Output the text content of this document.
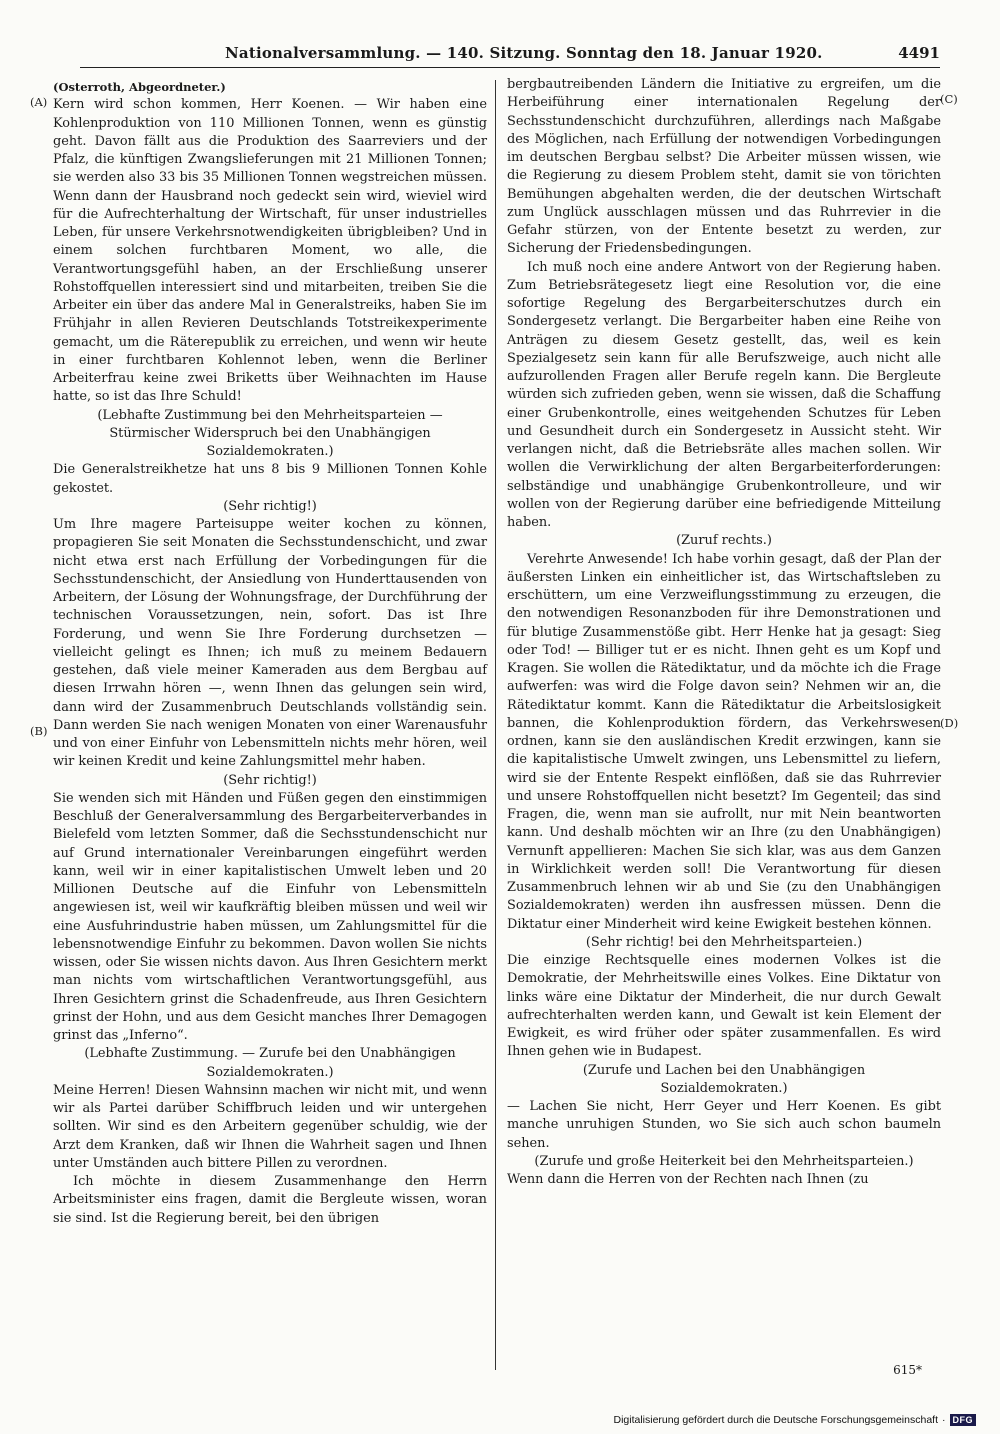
Nationalversammlung. — 140. Sitzung. Sonntag den 18. Januar 1920.	4491
(A)
(B)
(C)
(D)

(Osterroth, Abgeordneter.)

Kern wird schon kommen, Herr Koenen. — Wir haben eine Kohlenproduktion von 110 Millionen Tonnen, wenn es günstig geht. Davon fällt aus die Produktion des Saarreviers und der Pfalz, die künftigen Zwangslieferungen mit 21 Millionen Tonnen; sie werden also 33 bis 35 Millionen Tonnen wegstreichen müssen. Wenn dann der Hausbrand noch gedeckt sein wird, wieviel wird für die Aufrechterhaltung der Wirtschaft, für unser industrielles Leben, für unsere Verkehrsnotwendigkeiten übrigbleiben? Und in einem solchen furchtbaren Moment, wo alle, die Verantwortungsgefühl haben, an der Erschließung unserer Rohstoffquellen interessiert sind und mitarbeiten, treiben Sie die Arbeiter ein über das andere Mal in Generalstreiks, haben Sie im Frühjahr in allen Revieren Deutschlands Totstreikexperimente gemacht, um die Räterepublik zu erreichen, und wenn wir heute in einer furchtbaren Kohlennot leben, wenn die Berliner Arbeiterfrau keine zwei Briketts über Weihnachten im Hause hatte, so ist das Ihre Schuld!

(Lebhafte Zustimmung bei den Mehrheitsparteien — Stürmischer Widerspruch bei den Unabhängigen Sozialdemokraten.)

Die Generalstreikhetze hat uns 8 bis 9 Millionen Tonnen Kohle gekostet.

(Sehr richtig!)

Um Ihre magere Parteisuppe weiter kochen zu können, propagieren Sie seit Monaten die Sechsstundenschicht, und zwar nicht etwa erst nach Erfüllung der Vorbedingungen für die Sechsstundenschicht, der Ansiedlung von Hunderttausenden von Arbeitern, der Lösung der Wohnungsfrage, der Durchführung der technischen Voraussetzungen, nein, sofort. Das ist Ihre Forderung, und wenn Sie Ihre Forderung durchsetzen — vielleicht gelingt es Ihnen; ich muß zu meinem Bedauern gestehen, daß viele meiner Kameraden aus dem Bergbau auf diesen Irrwahn hören —, wenn Ihnen das gelungen sein wird, dann wird der Zusammenbruch Deutschlands vollständig sein. Dann werden Sie nach wenigen Monaten von einer Warenausfuhr und von einer Einfuhr von Lebensmitteln nichts mehr hören, weil wir keinen Kredit und keine Zahlungsmittel mehr haben.

(Sehr richtig!)

Sie wenden sich mit Händen und Füßen gegen den einstimmigen Beschluß der Generalversammlung des Bergarbeiterverbandes in Bielefeld vom letzten Sommer, daß die Sechsstundenschicht nur auf Grund internationaler Vereinbarungen eingeführt werden kann, weil wir in einer kapitalistischen Umwelt leben und 20 Millionen Deutsche auf die Einfuhr von Lebensmitteln angewiesen ist, weil wir kaufkräftig bleiben müssen und weil wir eine Ausfuhrindustrie haben müssen, um Zahlungsmittel für die lebensnotwendige Einfuhr zu bekommen. Davon wollen Sie nichts wissen, oder Sie wissen nichts davon. Aus Ihren Gesichtern merkt man nichts vom wirtschaftlichen Verantwortungsgefühl, aus Ihren Gesichtern grinst die Schadenfreude, aus Ihren Gesichtern grinst der Hohn, und aus dem Gesicht manches Ihrer Demagogen grinst das „Inferno“.

(Lebhafte Zustimmung. — Zurufe bei den Unabhängigen Sozialdemokraten.)

Meine Herren! Diesen Wahnsinn machen wir nicht mit, und wenn wir als Partei darüber Schiffbruch leiden und wir untergehen sollten. Wir sind es den Arbeitern gegenüber schuldig, wie der Arzt dem Kranken, daß wir Ihnen die Wahrheit sagen und Ihnen unter Umständen auch bittere Pillen zu verordnen.

Ich möchte in diesem Zusammenhange den Herrn Arbeitsminister eins fragen, damit die Bergleute wissen, woran sie sind. Ist die Regierung bereit, bei den übrigen

bergbautreibenden Ländern die Initiative zu ergreifen, um die Herbeiführung einer internationalen Regelung der Sechsstundenschicht durchzuführen, allerdings nach Maßgabe des Möglichen, nach Erfüllung der notwendigen Vorbedingungen im deutschen Bergbau selbst? Die Arbeiter müssen wissen, wie die Regierung zu diesem Problem steht, damit sie von törichten Bemühungen abgehalten werden, die der deutschen Wirtschaft zum Unglück ausschlagen müssen und das Ruhrrevier in die Gefahr stürzen, von der Entente besetzt zu werden, zur Sicherung der Friedensbedingungen.

Ich muß noch eine andere Antwort von der Regierung haben. Zum Betriebsrätegesetz liegt eine Resolution vor, die eine sofortige Regelung des Bergarbeiterschutzes durch ein Sondergesetz verlangt. Die Bergarbeiter haben eine Reihe von Anträgen zu diesem Gesetz gestellt, das, weil es kein Spezialgesetz sein kann für alle Berufszweige, auch nicht alle aufzurollenden Fragen aller Berufe regeln kann. Die Bergleute würden sich zufrieden geben, wenn sie wissen, daß die Schaffung einer Grubenkontrolle, eines weitgehenden Schutzes für Leben und Gesundheit durch ein Sondergesetz in Aussicht steht. Wir verlangen nicht, daß die Betriebsräte alles machen sollen. Wir wollen die Verwirklichung der alten Bergarbeiterforderungen: selbständige und unabhängige Grubenkontrolleure, und wir wollen von der Regierung darüber eine befriedigende Mitteilung haben.

(Zuruf rechts.)

Verehrte Anwesende! Ich habe vorhin gesagt, daß der Plan der äußersten Linken ein einheitlicher ist, das Wirtschaftsleben zu erschüttern, um eine Verzweiflungsstimmung zu erzeugen, die den notwendigen Resonanzboden für ihre Demonstrationen und für blutige Zusammenstöße gibt. Herr Henke hat ja gesagt: Sieg oder Tod! — Billiger tut er es nicht. Ihnen geht es um Kopf und Kragen. Sie wollen die Rätediktatur, und da möchte ich die Frage aufwerfen: was wird die Folge davon sein? Nehmen wir an, die Rätediktatur kommt. Kann die Rätediktatur die Arbeitslosigkeit bannen, die Kohlenproduktion fördern, das Verkehrswesen ordnen, kann sie den ausländischen Kredit erzwingen, kann sie die kapitalistische Umwelt zwingen, uns Lebensmittel zu liefern, wird sie der Entente Respekt einflößen, daß sie das Ruhrrevier und unsere Rohstoffquellen nicht besetzt? Im Gegenteil; das sind Fragen, die, wenn man sie aufrollt, nur mit Nein beantworten kann. Und deshalb möchten wir an Ihre (zu den Unabhängigen) Vernunft appellieren: Machen Sie sich klar, was aus dem Ganzen in Wirklichkeit werden soll! Die Verantwortung für diesen Zusammenbruch lehnen wir ab und Sie (zu den Unabhängigen Sozialdemokraten) werden ihn ausfressen müssen. Denn die Diktatur einer Minderheit wird keine Ewigkeit bestehen können.

(Sehr richtig! bei den Mehrheitsparteien.)

Die einzige Rechtsquelle eines modernen Volkes ist die Demokratie, der Mehrheitswille eines Volkes. Eine Diktatur von links wäre eine Diktatur der Minderheit, die nur durch Gewalt aufrechterhalten werden kann, und Gewalt ist kein Element der Ewigkeit, es wird früher oder später zusammenfallen. Es wird Ihnen gehen wie in Budapest.

(Zurufe und Lachen bei den Unabhängigen Sozialdemokraten.)

— Lachen Sie nicht, Herr Geyer und Herr Koenen. Es gibt manche unruhigen Stunden, wo Sie sich auch schon baumeln sehen.

(Zurufe und große Heiterkeit bei den Mehrheitsparteien.)

Wenn dann die Herren von der Rechten nach Ihnen (zu

615*
Digitalisierung gefördert durch die Deutsche Forschungsgemeinschaft · DFG
